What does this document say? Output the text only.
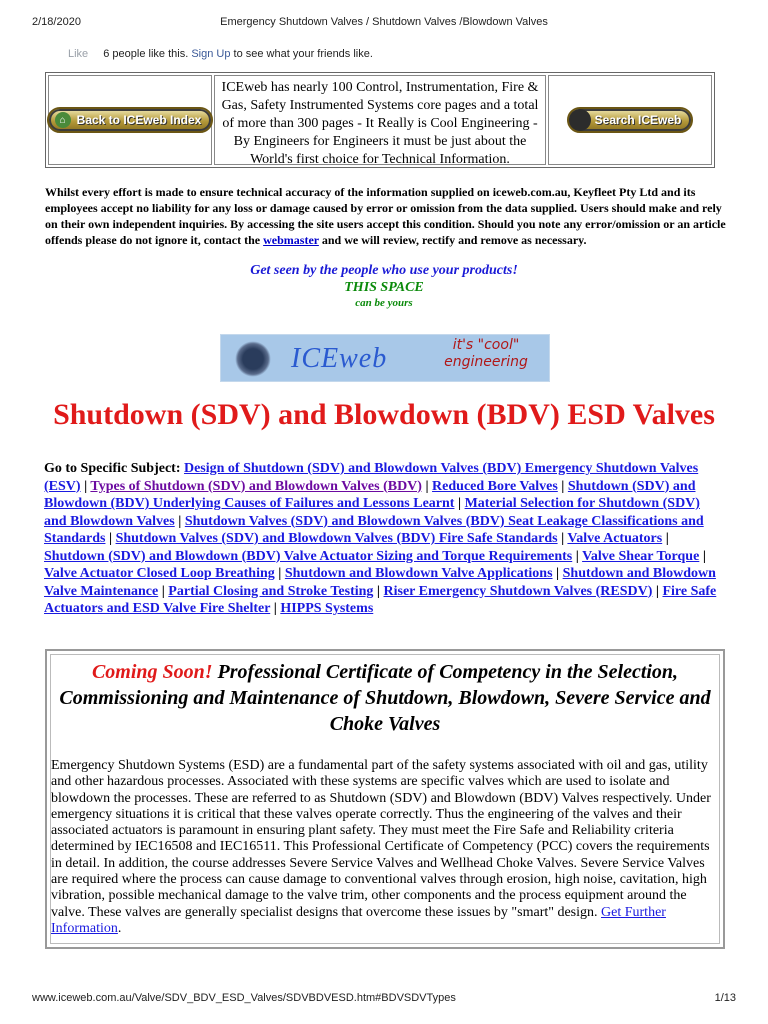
2/18/2020	Emergency Shutdown Valves / Shutdown Valves /Blowdown Valves
Like 6 people like this. Sign Up to see what your friends like.
⌂ Back to ICEweb Index
ICEweb has nearly 100 Control, Instrumentation, Fire & Gas, Safety Instrumented Systems core pages and a total of more than 300 pages - It Really is Cool Engineering - By Engineers for Engineers it must be just about the World's first choice for Technical Information.
Search ICEweb
Whilst every effort is made to ensure technical accuracy of the information supplied on iceweb.com.au, Keyfleet Pty Ltd and its employees accept no liability for any loss or damage caused by error or omission from the data supplied. Users should make and rely on their own independent inquiries. By accessing the site users accept this condition. Should you note any error/omission or an article offends please do not ignore it, contact the webmaster and we will review, rectify and remove as necessary.
Get seen by the people who use your products!
THIS SPACE
can be yours
ICEweb	it's "cool"
engineering
Shutdown (SDV) and Blowdown (BDV) ESD Valves
Go to Specific Subject: Design of Shutdown (SDV) and Blowdown Valves (BDV) Emergency Shutdown Valves (ESV) | Types of Shutdown (SDV) and Blowdown Valves (BDV) | Reduced Bore Valves | Shutdown (SDV) and Blowdown (BDV) Underlying Causes of Failures and Lessons Learnt | Material Selection for Shutdown (SDV) and Blowdown Valves | Shutdown Valves (SDV) and Blowdown Valves (BDV) Seat Leakage Classifications and Standards | Shutdown Valves (SDV) and Blowdown Valves (BDV) Fire Safe Standards | Valve Actuators | Shutdown (SDV) and Blowdown (BDV) Valve Actuator Sizing and Torque Requirements | Valve Shear Torque | Valve Actuator Closed Loop Breathing | Shutdown and Blowdown Valve Applications | Shutdown and Blowdown Valve Maintenance | Partial Closing and Stroke Testing | Riser Emergency Shutdown Valves (RESDV) | Fire Safe Actuators and ESD Valve Fire Shelter | HIPPS Systems
Coming Soon! Professional Certificate of Competency in the Selection, Commissioning and Maintenance of Shutdown, Blowdown, Severe Service and Choke Valves
Emergency Shutdown Systems (ESD) are a fundamental part of the safety systems associated with oil and gas, utility and other hazardous processes. Associated with these systems are specific valves which are used to isolate and blowdown the processes. These are referred to as Shutdown (SDV) and Blowdown (BDV) Valves respectively. Under emergency situations it is critical that these valves operate correctly. Thus the engineering of the valves and their associated actuators is paramount in ensuring plant safety. They must meet the Fire Safe and Reliability criteria determined by IEC16508 and IEC16511. This Professional Certificate of Competency (PCC) covers the requirements in detail. In addition, the course addresses Severe Service Valves and Wellhead Choke Valves. Severe Service Valves are required where the process can cause damage to conventional valves through erosion, high noise, cavitation, high vibration, possible mechanical damage to the valve trim, other components and the process equipment around the valve. These valves are generally specialist designs that overcome these issues by "smart" design. Get Further Information.
www.iceweb.com.au/Valve/SDV_BDV_ESD_Valves/SDVBDVESD.htm#BDVSDVTypes	1/13
